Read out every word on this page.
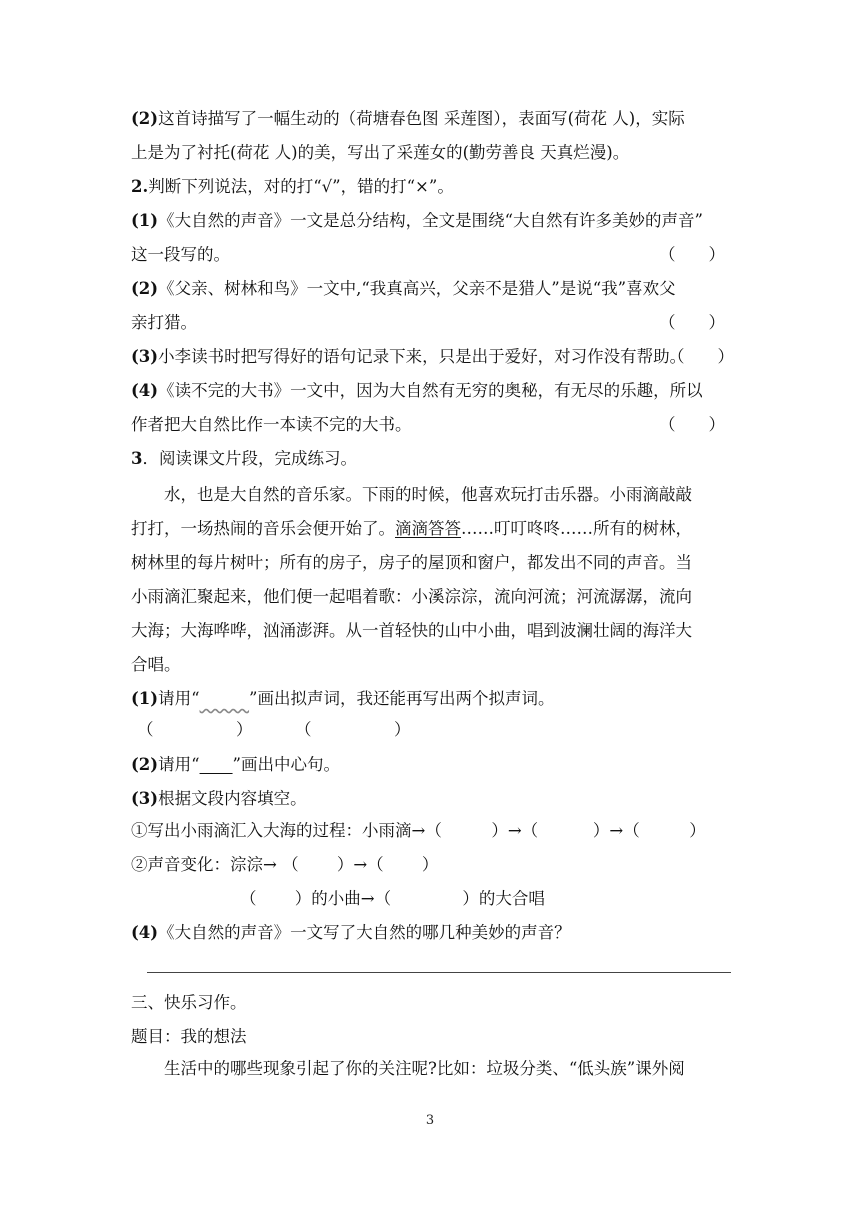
(2)这首诗描写了一幅生动的（荷塘春色图 采莲图），表面写(荷花 人)，实际
上是为了衬托(荷花 人)的美，写出了采莲女的(勤劳善良 天真烂漫)。
2.判断下列说法，对的打“√”，错的打“×”。
(1)《大自然的声音》一文是总分结构，全文是围绕“大自然有许多美妙的声音”
这一段写的。	（　　）
(2)《父亲、树林和鸟》一文中,“我真高兴，父亲不是猎人”是说“我”喜欢父
亲打猎。	（　　）
(3)小李读书时把写得好的语句记录下来，只是出于爱好，对习作没有帮助。
（　　）
(4)《读不完的大书》一文中，因为大自然有无穷的奥秘，有无尽的乐趣，所以
作者把大自然比作一本读不完的大书。	（　　）
3．阅读课文片段，完成练习。
水，也是大自然的音乐家。下雨的时候，他喜欢玩打击乐器。小雨滴敲敲
打打，一场热闹的音乐会便开始了。滴滴答答……叮叮咚咚……所有的树林，
树林里的每片树叶；所有的房子，房子的屋顶和窗户，都发出不同的声音。当
小雨滴汇聚起来，他们便一起唱着歌：小溪淙淙，流向河流；河流潺潺，流向
大海；大海哗哗，汹涌澎湃。从一首轻快的山中小曲，唱到波澜壮阔的海洋大
合唱。
(1)请用“　　　	”画出拟声词，我还能再写出两个拟声词。
（　　　　　）	（　　　　　）
(2)请用“　　 ”画出中心句。
(3)根据文段内容填空。
①写出小雨滴汇入大海的过程：小雨滴→（　　　）→（　　　 ）→（　　　）
②声音变化：淙淙→ （　　 ）→（　　 ）
（　　 ）的小曲→（　　　　 ）的大合唱
(4)《大自然的声音》一文写了大自然的哪几种美妙的声音？
三、快乐习作。
题目：我的想法
生活中的哪些现象引起了你的关注呢?比如：垃圾分类、“低头族”课外阅
3
